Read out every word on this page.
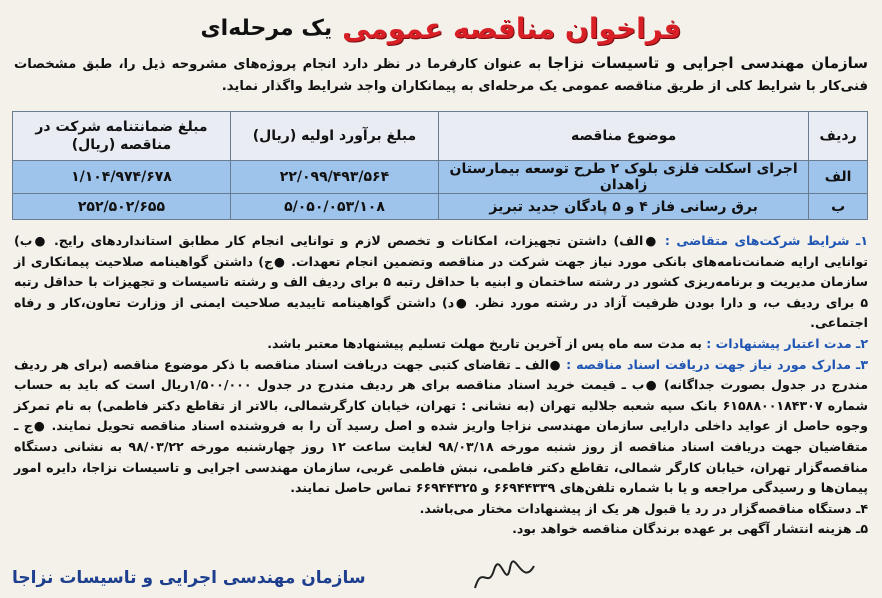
فراخوان مناقصه عمومی
یک مرحله‌ای
سازمان مهندسی اجرایی و تاسیسات نزاجا به عنوان کارفرما در نظر دارد انجام پروژه‌های مشروحه ذیل را، طبق مشخصات فنی‌کار با شرایط کلی از طریق مناقصه عمومی یک مرحله‌ای به پیمانکاران واجد شرایط واگذار نماید.
ردیف	موضوع مناقصه	مبلغ برآورد اولیه (ریال)	مبلغ ضمانتنامه شرکت در مناقصه (ریال)
الف	اجرای اسکلت فلزی بلوک ۲ طرح توسعه بیمارستان زاهدان	۲۲/۰۹۹/۴۹۳/۵۶۴	۱/۱۰۴/۹۷۴/۶۷۸
ب	برق رسانی فاز ۴ و ۵ پادگان جدید تبریز	۵/۰۵۰/۰۵۳/۱۰۸	۲۵۲/۵۰۲/۶۵۵

۱ـ شرایط شرکت‌های متقاضی : ●الف) داشتن تجهیزات، امکانات و تخصص لازم و توانایی انجام کار مطابق استانداردهای رایج. ●ب) توانایی ارایه ضمانت‌نامه‌های بانکی مورد نیاز جهت شرکت در مناقصه وتضمین انجام تعهدات. ●ج) داشتن گواهینامه صلاحیت پیمانکاری از سازمان مدیریت و برنامه‌ریزی کشور در رشته ساختمان و ابنیه با حداقل رتبه ۵ برای ردیف الف و رشته تاسیسات و تجهیزات با حداقل رتبه ۵ برای ردیف ب، و دارا بودن ظرفیت آزاد در رشته مورد نظر. ●د) داشتن گواهینامه تاییدیه صلاحیت ایمنی از وزارت تعاون،کار و رفاه اجتماعی.

۲ـ مدت اعتبار پیشنهادات : به مدت سه ماه پس از آخرین تاریخ مهلت تسلیم پیشنهادها معتبر باشد.

۳ـ مدارک مورد نیاز جهت دریافت اسناد مناقصه : ●الف ـ تقاضای کتبی جهت دریافت اسناد مناقصه با ذکر موضوع مناقصه (برای هر ردیف مندرج در جدول بصورت جداگانه) ●ب ـ قیمت خرید اسناد مناقصه برای هر ردیف مندرج در جدول ۱/۵۰۰/۰۰۰ریال است که باید به حساب شماره ۶۱۵۸۸۰۰۱۸۴۳۰۷ بانک سپه شعبه جلالیه تهران (به نشانی : تهران، خیابان کارگرشمالی، بالاتر از تقاطع دکتر فاطمی) به نام تمرکز وجوه حاصل از عواید داخلی دارایی سازمان مهندسی نزاجا واریز شده و اصل رسید آن را به فروشنده اسناد مناقصه تحویل نمایند. ●ج ـ متقاضیان جهت دریافت اسناد مناقصه از روز شنبه مورخه ۹۸/۰۳/۱۸ لغایت ساعت ۱۲ روز چهارشنبه مورخه ۹۸/۰۳/۲۲ به نشانی دستگاه مناقصه‌گزار تهران، خیابان کارگر شمالی، تقاطع دکتر فاطمی، نبش فاطمی غربی، سازمان مهندسی اجرایی و تاسیسات نزاجا، دایره امور پیمان‌ها و رسیدگی مراجعه و یا با شماره تلفن‌های ۶۶۹۴۴۳۳۹ و ۶۶۹۴۴۳۲۵ تماس حاصل نمایند.

۴ـ دستگاه مناقصه‌گزار در رد یا قبول هر یک از پیشنهادات مختار می‌باشد.

۵ـ هزینه انتشار آگهی بر عهده برندگان مناقصه خواهد بود.

سازمان مهندسی اجرایی و تاسیسات نزاجا
